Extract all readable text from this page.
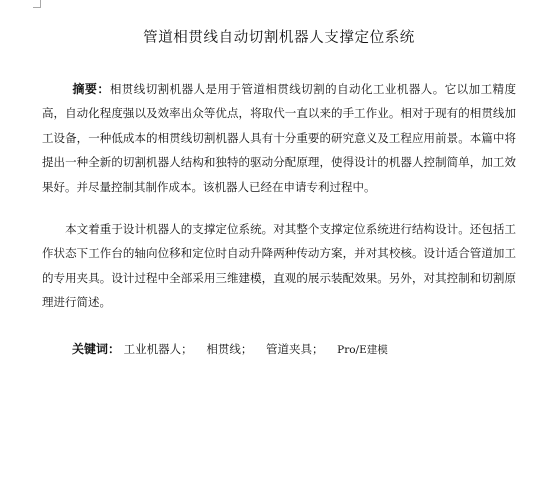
管道相贯线自动切割机器人支撑定位系统

摘要：相贯线切割机器人是用于管道相贯线切割的自动化工业机器人。它以加工精度高，自动化程度强以及效率出众等优点，将取代一直以来的手工作业。相对于现有的相贯线加工设备，一种低成本的相贯线切割机器人具有十分重要的研究意义及工程应用前景。本篇中将提出一种全新的切割机器人结构和独特的驱动分配原理，使得设计的机器人控制简单，加工效果好。并尽量控制其制作成本。该机器人已经在申请专利过程中。

本文着重于设计机器人的支撑定位系统。对其整个支撑定位系统进行结构设计。还包括工作状态下工作台的轴向位移和定位时自动升降两种传动方案，并对其校核。设计适合管道加工的专用夹具。设计过程中全部采用三维建模，直观的展示装配效果。另外，对其控制和切割原理进行简述。

关键词： 工业机器人； 相贯线； 管道夹具； Pro/E建模
